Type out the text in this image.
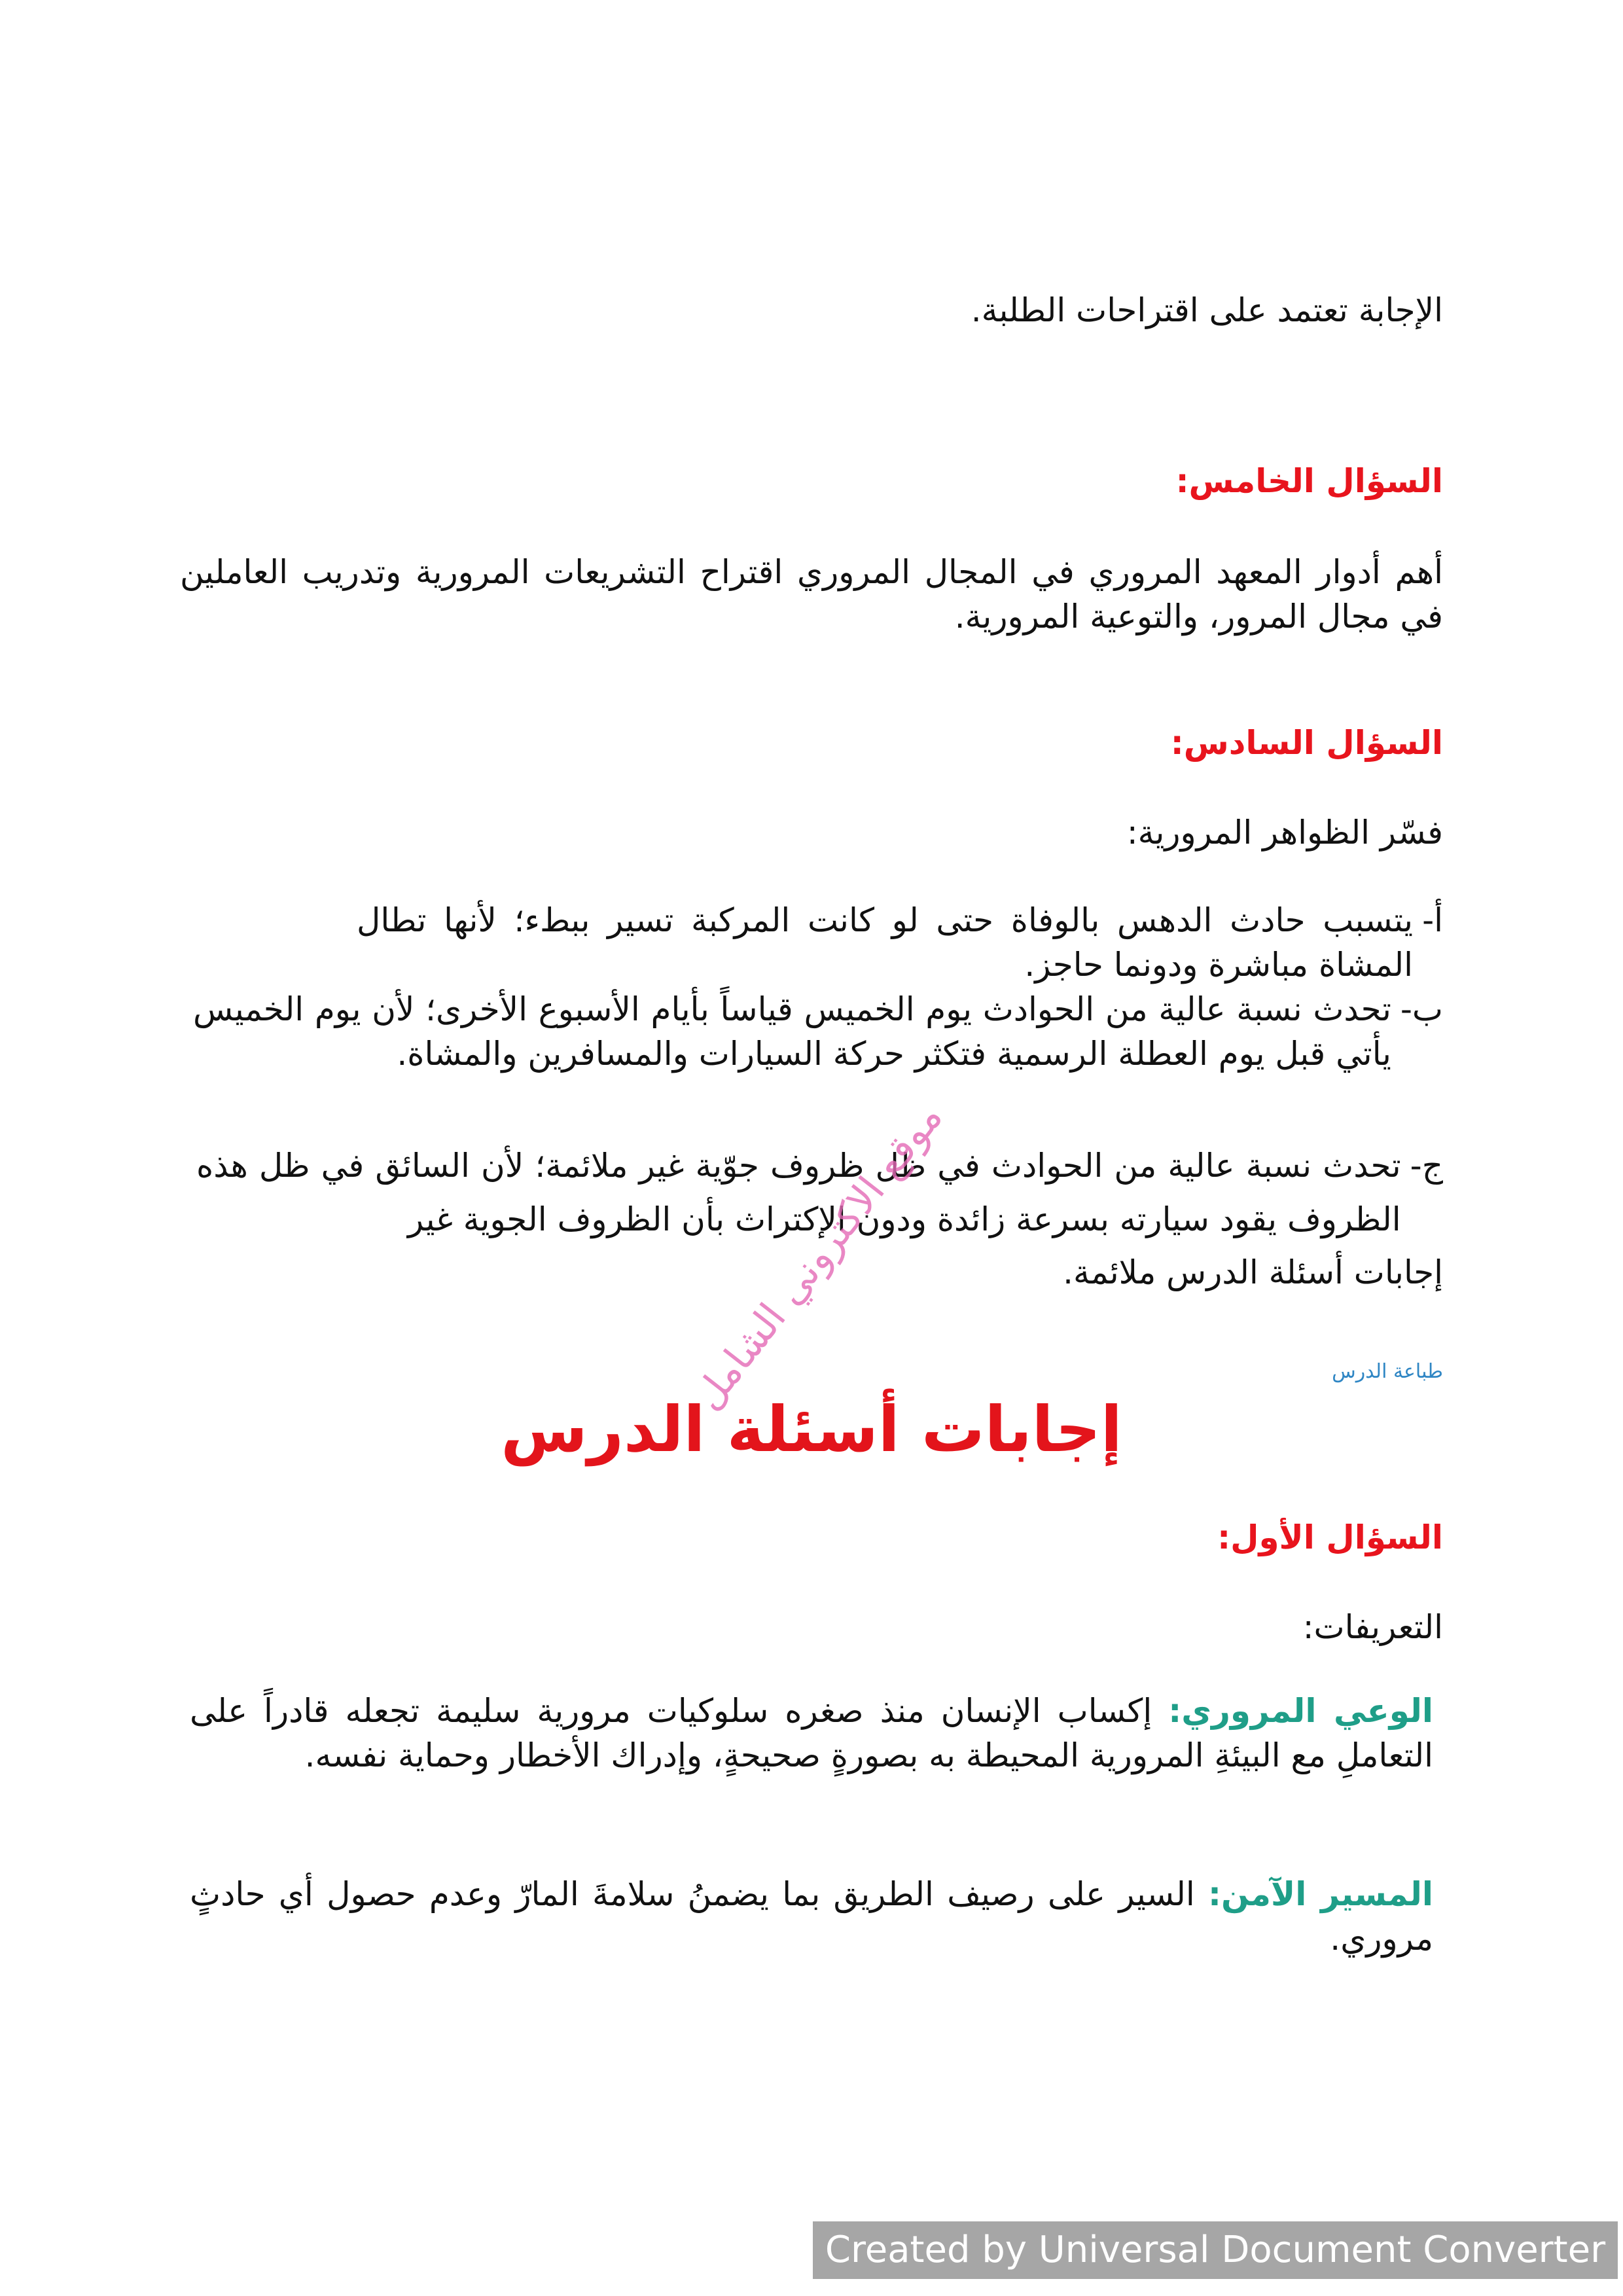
الإجابة تعتمد على اقتراحات الطلبة.

السؤال الخامس:

أهم أدوار المعهد المروري في المجال المروري اقتراح التشريعات المرورية وتدريب العاملين في مجال المرور، والتوعية المرورية.

السؤال السادس:

فسّر الظواهر المرورية:

أ-
يتسبب حادث الدهس بالوفاة حتى لو كانت المركبة تسير ببطء؛ لأنها تطال المشاة مباشرة ودونما حاجز.
ب-
تحدث نسبة عالية من الحوادث يوم الخميس قياساً بأيام الأسبوع الأخرى؛ لأن يوم الخميس يأتي قبل يوم العطلة الرسمية فتكثر حركة السيارات والمسافرين والمشاة.
ج-
تحدث نسبة عالية من الحوادث في ظل ظروف جوّية غير ملائمة؛ لأن السائق في ظل هذه الظروف يقود سيارته بسرعة زائدة ودون الإكتراث بأن الظروف الجوية غير

إجابات أسئلة الدرس ملائمة.

طباعة الدرس
إجابات أسئلة الدرس
السؤال الأول:

التعريفات:

الوعي المروري: إكساب الإنسان منذ صغره سلوكيات مرورية سليمة تجعله قادراً على التعاملِ مع البيئةِ المرورية المحيطة به بصورةٍ صحيحةٍ، وإدراك الأخطار وحماية نفسه.

المسير الآمن: السير على رصيف الطريق بما يضمنُ سلامةَ المارّ وعدم حصول أي حادثٍ مروري.

موقع الاكتروني الشامل
Created by Universal Document Converter
